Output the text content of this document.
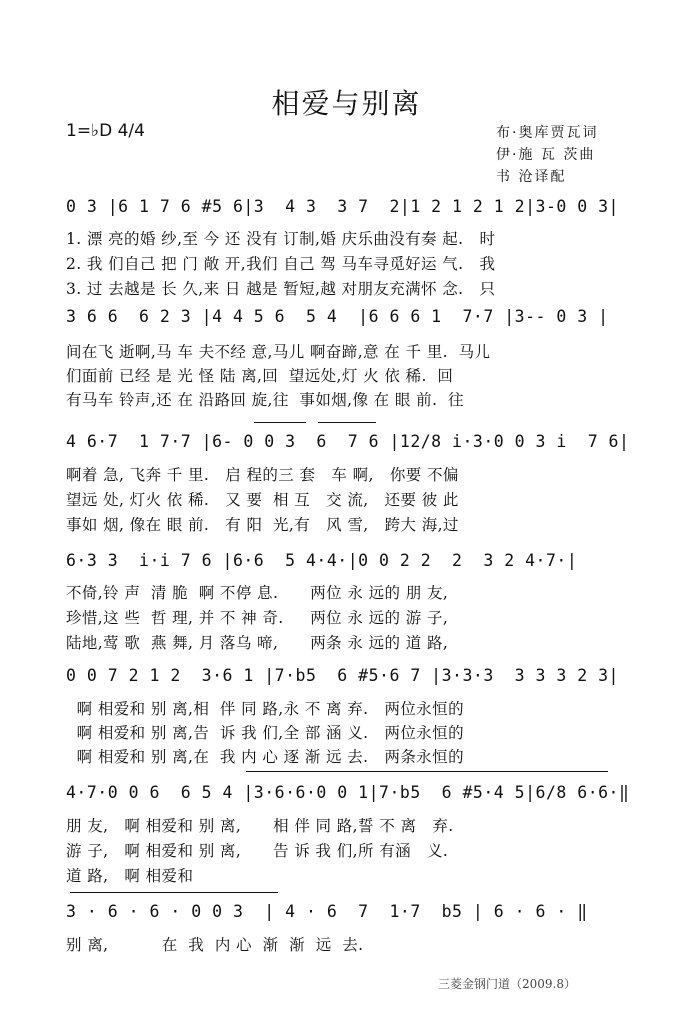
相爱与别离
1=♭D 4/4	布·奥库贾瓦词
伊·施 瓦 茨曲
书 沧译配
0 3 |6 1 7 6 #5 6|3  4 3  3 7  2|1 2 1 2 1 2|3-0 0 3|
1. 漂 亮的婚 纱,至 今 还 没有 订制,婚 庆乐曲没有奏 起.   时
2. 我 们自己 把 门 敞 开,我们 自己 驾 马车寻觅好运 气.   我
3. 过 去越是 长 久,来 日 越是 暂短,越 对朋友充满怀 念.   只
3 6 6  6 2 3 |4 4 5 6  5 4  |6 6 6 1  7·7 |3-- 0 3 |
间在飞 逝啊,马 车 夫不经 意,马儿 啊奋蹄,意 在 千 里.  马儿
们面前 已经 是 光 怪 陆 离,回  望远处,灯 火 依 稀.  回
有马车 铃声,还 在 沿路回 旋,往  事如烟,像 在 眼 前.  往
4 6·7  1 7·7 |6- 0 0 3  6  7 6 |12/8 i·3·0 0 3 i  7 6|
啊着 急, 飞奔 千 里.   启 程的三 套   车 啊,   你要 不偏
望远 处, 灯火 依 稀.   又 要  相 互   交 流,   还要 彼 此
事如 烟, 像在 眼 前.   有 阳  光,有   风 雪,   跨大 海,过
6·3 3  i·i 7 6 |6·6  5 4·4·|0 0 2 2  2  3 2 4·7·|
不倚,铃 声  清 脆  啊 不停 息.      两位 永 远的 朋 友,
珍惜,这 些  哲 理, 并 不 神 奇.     两位 永 远的 游 子,
陆地,莺 歌  燕 舞, 月 落乌 啼,      两条 永 远的 道 路,
0 0 7 2 1 2  3·6 1 |7·b5  6 #5·6 7 |3·3·3  3 3 3 2 3|
啊 相爱和 别 离,相  伴 同 路,永 不 离 弃.   两位永恒的
啊 相爱和 别 离,告  诉 我 们,全 部 涵 义.   两位永恒的
啊 相爱和 别 离,在  我 内 心 逐 渐 远 去.   两条永恒的
4·7·0 0 6  6 5 4 |3·6·6·0 0 1|7·b5  6 #5·4 5|6/8 6·6·‖
朋 友,   啊 相爱和 别 离,      相 伴 同 路,誓 不 离   弃.
游 子,   啊 相爱和 别 离,      告 诉 我 们,所 有涵   义.
道 路,   啊 相爱和
3 · 6 · 6 · 0 0 3  | 4 · 6  7  1·7  b5 | 6 · 6 · ‖
别 离,          在  我  内 心  渐  渐  远  去.
三菱金钢门道（2009.8）
